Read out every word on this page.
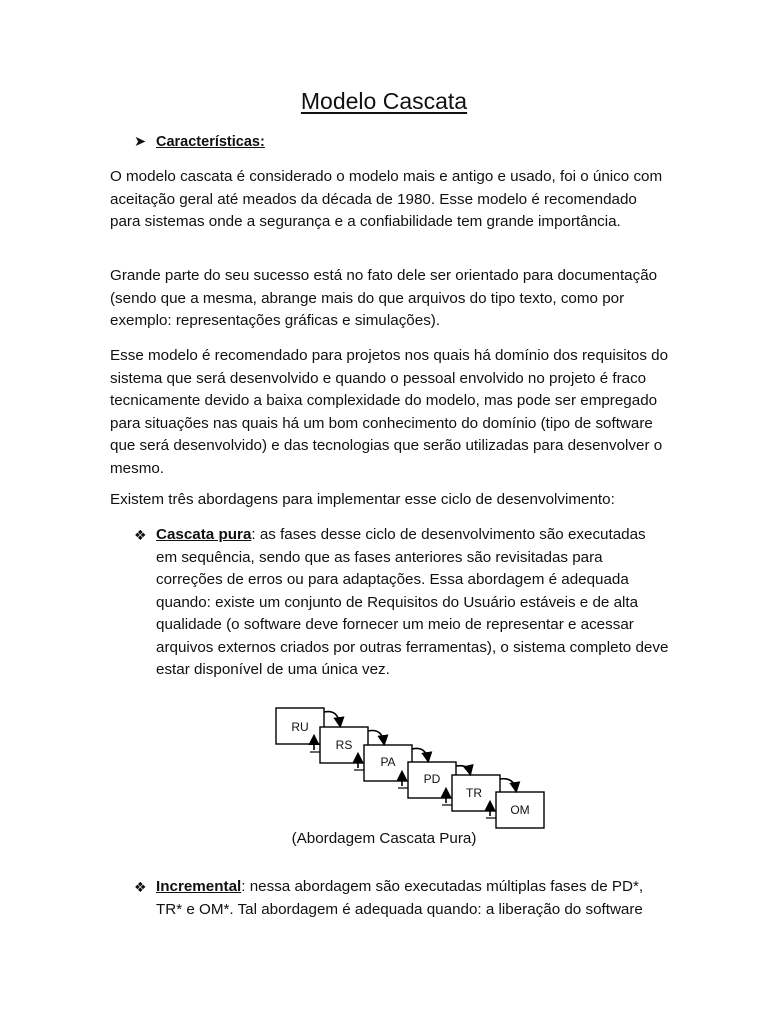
Modelo Cascata
➤ Características:

O modelo cascata é considerado o modelo mais e antigo e usado, foi o único com aceitação geral até meados da década de 1980. Esse modelo é recomendado para sistemas onde a segurança e a confiabilidade tem grande importância.

Grande parte do seu sucesso está no fato dele ser orientado para documentação (sendo que a mesma, abrange mais do que arquivos do tipo texto, como por exemplo: representações gráficas e simulações).

Esse modelo é recomendado para projetos nos quais há domínio dos requisitos do sistema que será desenvolvido e quando o pessoal envolvido no projeto é fraco tecnicamente devido a baixa complexidade do modelo, mas pode ser empregado para situações nas quais há um bom conhecimento do domínio (tipo de software que será desenvolvido) e das tecnologias que serão utilizadas para desenvolver o mesmo.

Existem três abordagens para implementar esse ciclo de desenvolvimento:

❖ Cascata pura: as fases desse ciclo de desenvolvimento são executadas em sequência, sendo que as fases anteriores são revisitadas para correções de erros ou para adaptações. Essa abordagem é adequada quando: existe um conjunto de Requisitos do Usuário estáveis e de alta qualidade (o software deve fornecer um meio de representar e acessar arquivos externos criados por outras ferramentas), o sistema completo deve estar disponível de uma única vez.
RU
RS
PA
PD
TR
OM
(Abordagem Cascata Pura)
❖ Incremental: nessa abordagem são executadas múltiplas fases de PD*, TR* e OM*. Tal abordagem é adequada quando: a liberação do software
